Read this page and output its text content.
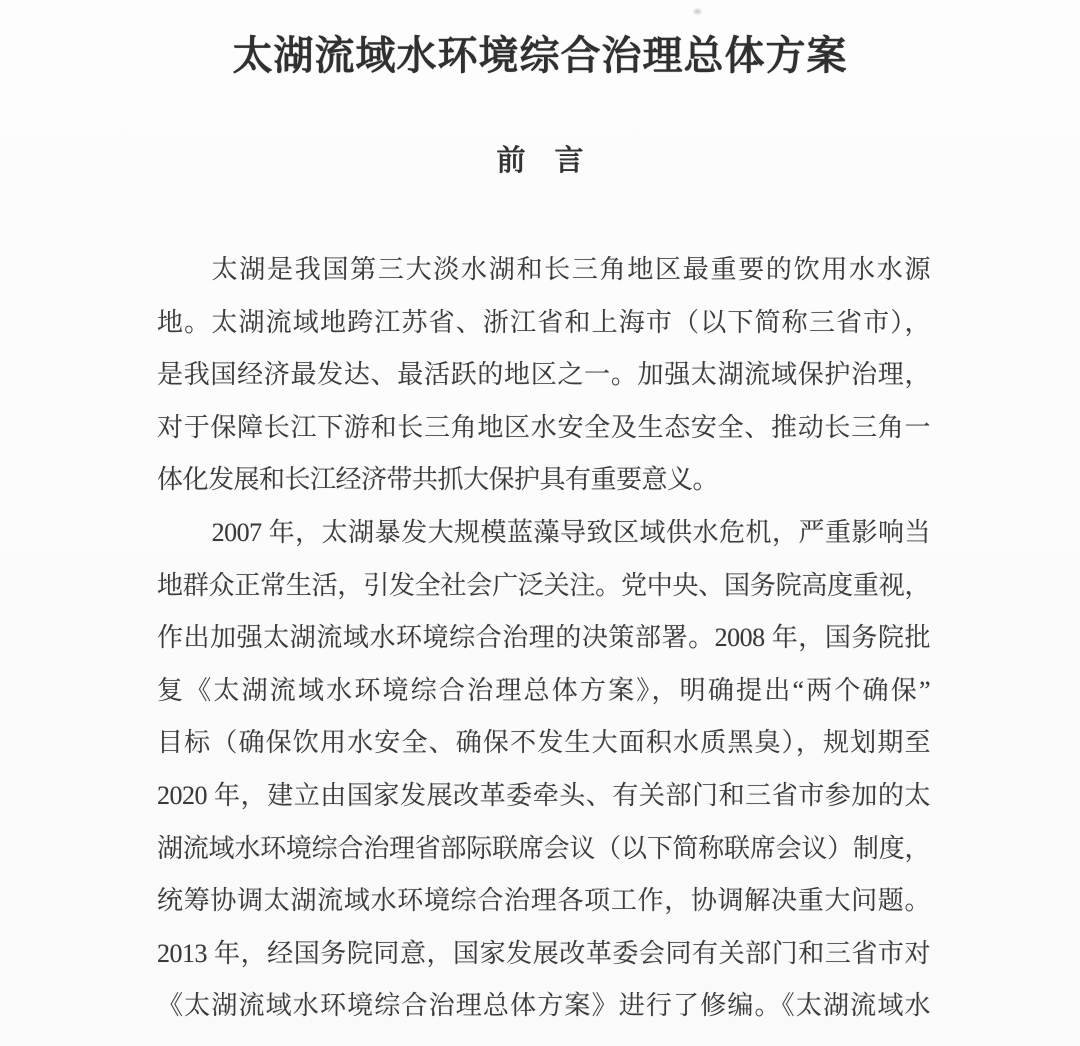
太湖流域水环境综合治理总体方案
前　言
太湖是我国第三大淡水湖和长三角地区最重要的饮用水水源
地。太湖流域地跨江苏省、浙江省和上海市（以下简称三省市），
是我国经济最发达、最活跃的地区之一。加强太湖流域保护治理，
对于保障长江下游和长三角地区水安全及生态安全、推动长三角一
体化发展和长江经济带共抓大保护具有重要意义。
2007 年，太湖暴发大规模蓝藻导致区域供水危机，严重影响当
地群众正常生活，引发全社会广泛关注。党中央、国务院高度重视，
作出加强太湖流域水环境综合治理的决策部署。2008 年，国务院批
复《太湖流域水环境综合治理总体方案》，明确提出“两个确保”
目标（确保饮用水安全、确保不发生大面积水质黑臭），规划期至
2020 年，建立由国家发展改革委牵头、有关部门和三省市参加的太
湖流域水环境综合治理省部际联席会议（以下简称联席会议）制度，
统筹协调太湖流域水环境综合治理各项工作，协调解决重大问题。
2013 年，经国务院同意，国家发展改革委会同有关部门和三省市对
《太湖流域水环境综合治理总体方案》进行了修编。《太湖流域水
